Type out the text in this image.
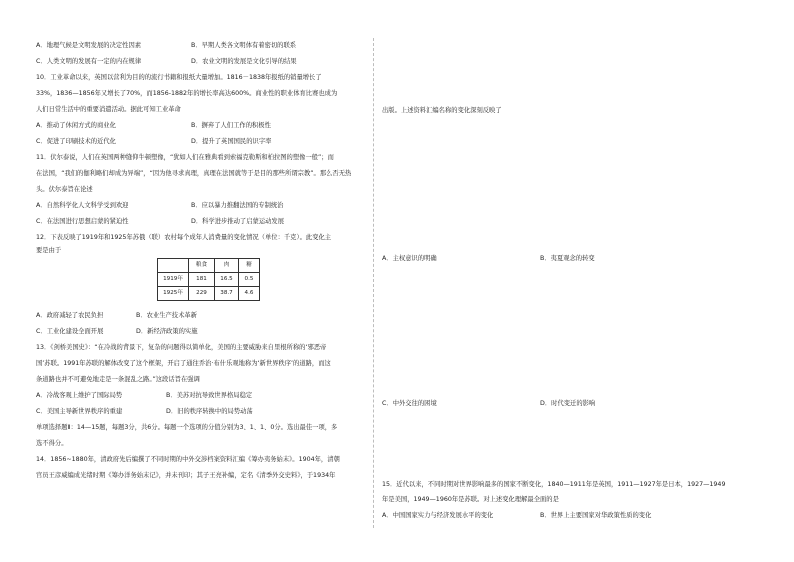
A．地理气候是文明发展的决定性因素	B．早期人类各文明体有着密切的联系
C．人类文明的发展有一定的内在规律	D．农业文明的发展是文化引导的结果
10．工业革命以来，英国以营利为目的的流行书籍和报纸大量增加。1816－1838年报纸的销量增长了
33%，1836—1856年又增长了70%，而1856-1882年的增长率高达600%。商业性的职业体育比赛也成为
人们日常生活中的重要消遣活动。据此可知工业革命
A．推动了休闲方式的商业化	B．摒弃了人们工作的积极性
C．促进了印刷技术的近代化	D．提升了英国国民的识字率
11．伏尔泰说，人们在英国两种缝仰牛顿塑像，“犹如人们在雅典看到索福克勒斯和柏拉图的塑像一般”；而
在法国，“我们的伽利略们却成为异端”，“因为他寻求真理，真理在法国就等于是目的那些所谓宗教”。那么否无热
头。伏尔泰旨在论述
A．自然科学化人文科学受到欢迎	B．应以暴力推翻法国的专制统治
C．在法国进行思想启蒙的紧迫性	D．科学进步推动了启蒙运动发展
12．下表反映了1919年和1925年苏俄（联）农村每个成年人消费量的变化情况（单位：千克）。此变化主
要是由于
	粮食	肉	糖
1919年	181	16.5	0.5
1925年	229	38.7	4.6
A．政府减轻了农民负担	B．农业生产技术革新
C．工业化建设全面开展	D．新经济政策的实施
13．《剑桥美国史》：“在冷战的背景下，复杂的问题得以简单化，美国的主要威胁来自里根所称的‘邪恶帝
国’苏联。1991年苏联的解体改变了这个框架，开启了通往乔治·布什乐观地称为‘新世界秩序’的道路，而这
条道路也并不可避免地走是一条混乱之路。”这段话旨在强调
A．冷战客观上维护了国际局势	B．美苏对抗导致世界格局稳定
C．美国主导新世界秩序的重建	D．旧的秩序转换中的局势动荡
单项选择题Ⅱ：14—15题，每题3分，共6分。每题一个选项的分值分别为3、1、1、0分。选出最佳一项，多
选不得分。
14．1856~1880年，清政府先后编撰了不同时期的中外交涉档案资料汇编《筹办夷务始末》。1904年，清朝
官员王彦威编成光绪时期《筹办洋务始末记》，并未刊印；其子王亮补编，定名《清季外交史料》，于1934年
出版。上述资料汇编名称的变化深刻反映了
A．主权意识的明确	B．夷夏观念的转变
C．中外交往的困境	D．时代变迁的影响
15．近代以来，不同时期对世界影响最多的国家不断变化，1840—1911年是英国，1911—1927年是日本，1927—1949
年是美国，1949—1960年是苏联。对上述变化理解最全面的是
A．中国国家实力与经济发展水平的变化	B．世界上主要国家对华政策性质的变化
